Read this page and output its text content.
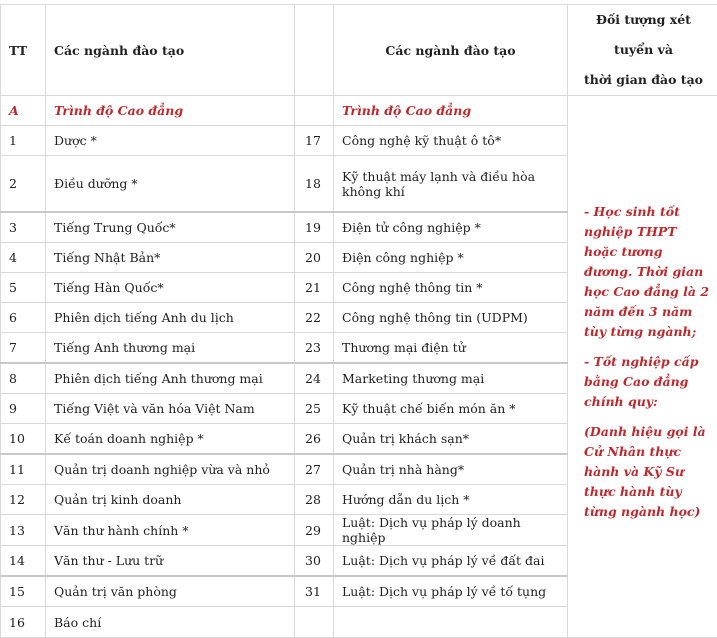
TT	Các ngành đào tạo		Các ngành đào tạo	Đối tượng xét tuyển và
thời gian đào tạo

A	Trình độ Cao đẳng		Trình độ Cao đẳng	- Học sinh tốt nghiệp THPT hoặc tương đương. Thời gian học Cao đẳng là 2 năm đến 3 năm tùy từng ngành;

- Tốt nghiệp cấp bằng Cao đẳng chính quy:

(Danh hiệu gọi là Cử Nhân thực hành và Kỹ Sư thực hành tùy từng ngành học)

1	Dược *	17	Công nghệ kỹ thuật ô tô*	
2	Điều dưỡng *	18	Kỹ thuật máy lạnh và điều hòa không khí	
3	Tiếng Trung Quốc*	19	Điện tử công nghiệp *	
4	Tiếng Nhật Bản*	20	Điện công nghiệp *	
5	Tiếng Hàn Quốc*	21	Công nghệ thông tin *	
6	Phiên dịch tiếng Anh du lịch	22	Công nghệ thông tin (UDPM)	
7	Tiếng Anh thương mại	23	Thương mại điện tử	
8	Phiên dịch tiếng Anh thương mại	24	Marketing thương mại	
9	Tiếng Việt và văn hóa Việt Nam	25	Kỹ thuật chế biến món ăn *	
10	Kế toán doanh nghiệp *	26	Quản trị khách sạn*	
11	Quản trị doanh nghiệp vừa và nhỏ	27	Quản trị nhà hàng*	
12	Quản trị kinh doanh	28	Hướng dẫn du lịch *	
13	Văn thư hành chính *	29	Luật: Dịch vụ pháp lý doanh nghiệp	
14	Văn thư - Lưu trữ	30	Luật: Dịch vụ pháp lý về đất đai	
15	Quản trị văn phòng	31	Luật: Dịch vụ pháp lý về tố tụng	
16	Báo chí			
